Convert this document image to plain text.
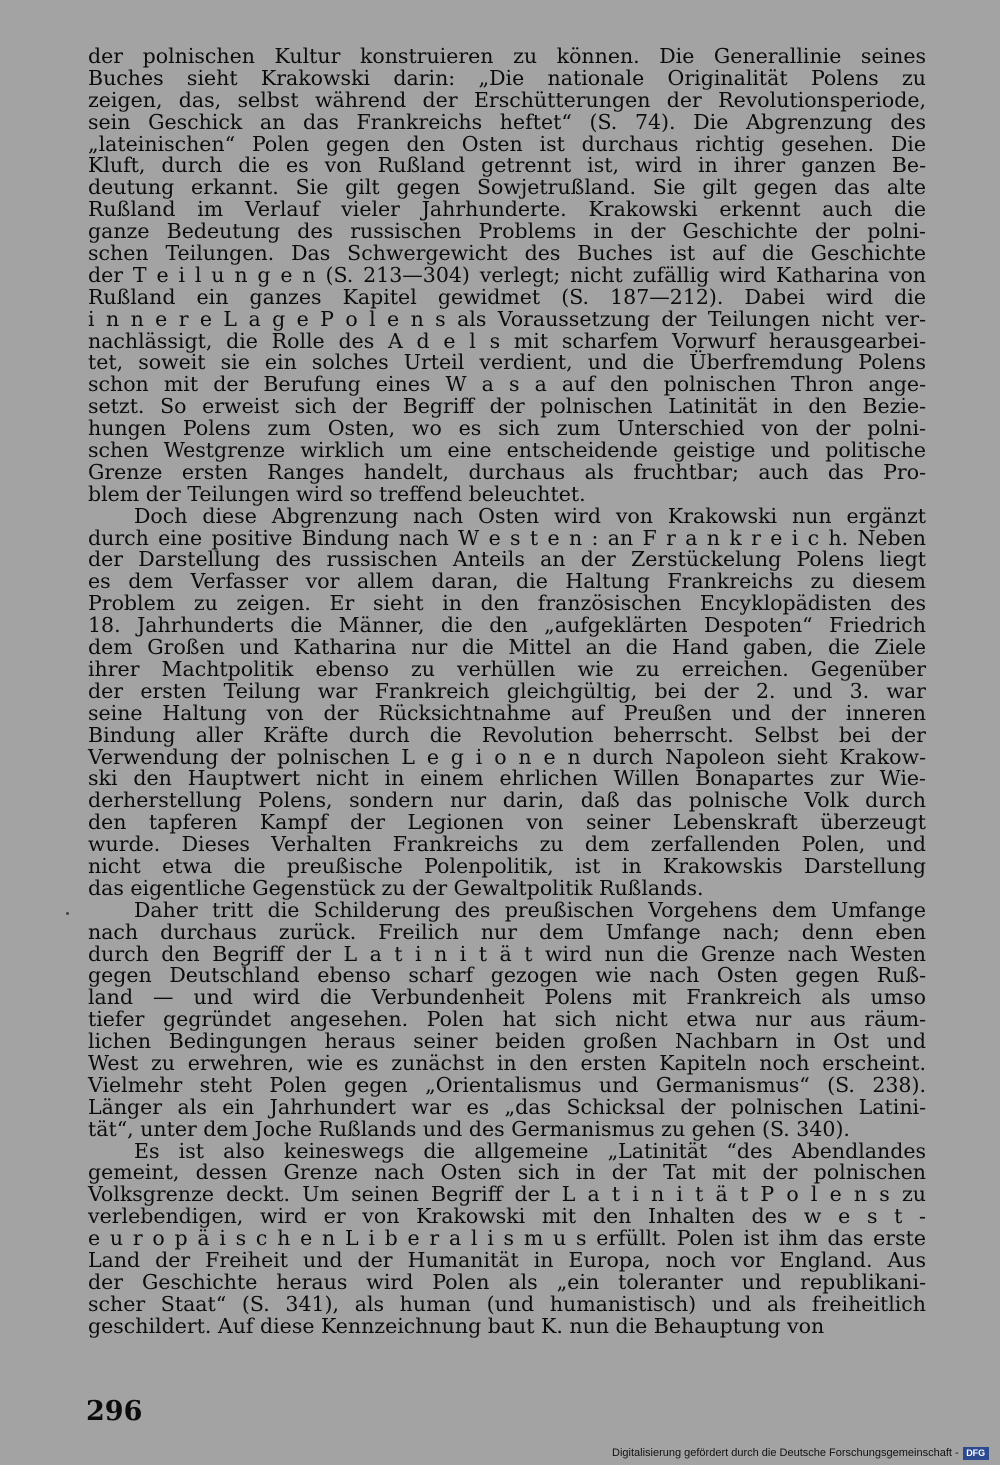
der polnischen Kultur konstruieren zu können. Die Generallinie seines
Buches sieht Krakowski darin: „Die nationale Originalität Polens zu
zeigen, das, selbst während der Erschütterungen der Revolutionsperiode,
sein Geschick an das Frankreichs heftet“ (S. 74). Die Abgrenzung des
„lateinischen“ Polen gegen den Osten ist durchaus richtig gesehen. Die
Kluft, durch die es von Rußland getrennt ist, wird in ihrer ganzen Be-
deutung erkannt. Sie gilt gegen Sowjetrußland. Sie gilt gegen das alte
Rußland im Verlauf vieler Jahrhunderte. Krakowski erkennt auch die
ganze Bedeutung des russischen Problems in der Geschichte der polni-
schen Teilungen. Das Schwergewicht des Buches ist auf die Geschichte
der T e i l u n g e n (S. 213—304) verlegt; nicht zufällig wird Katharina von
Rußland ein ganzes Kapitel gewidmet (S. 187—212). Dabei wird die
i n n e r e L a g e P o l e n s als Voraussetzung der Teilungen nicht ver-
nachlässigt, die Rolle des A d e l s mit scharfem Vorwurf herausgearbei-
tet, soweit sie ein solches Urteil verdient, und die Überfremdung Polens
schon mit der Berufung eines W a s a auf den polnischen Thron ange-
setzt. So erweist sich der Begriff der polnischen Latinität in den Bezie-
hungen Polens zum Osten, wo es sich zum Unterschied von der polni-
schen Westgrenze wirklich um eine entscheidende geistige und politische
Grenze ersten Ranges handelt, durchaus als fruchtbar; auch das Pro-
blem der Teilungen wird so treffend beleuchtet.
Doch diese Abgrenzung nach Osten wird von Krakowski nun ergänzt
durch eine positive Bindung nach W e s t e n : an F r a n k r e i c h. Neben
der Darstellung des russischen Anteils an der Zerstückelung Polens liegt
es dem Verfasser vor allem daran, die Haltung Frankreichs zu diesem
Problem zu zeigen. Er sieht in den französischen Encyklopädisten des
18. Jahrhunderts die Männer, die den „aufgeklärten Despoten“ Friedrich
dem Großen und Katharina nur die Mittel an die Hand gaben, die Ziele
ihrer Machtpolitik ebenso zu verhüllen wie zu erreichen. Gegenüber
der ersten Teilung war Frankreich gleichgültig, bei der 2. und 3. war
seine Haltung von der Rücksichtnahme auf Preußen und der inneren
Bindung aller Kräfte durch die Revolution beherrscht. Selbst bei der
Verwendung der polnischen L e g i o n e n durch Napoleon sieht Krakow-
ski den Hauptwert nicht in einem ehrlichen Willen Bonapartes zur Wie-
derherstellung Polens, sondern nur darin, daß das polnische Volk durch
den tapferen Kampf der Legionen von seiner Lebenskraft überzeugt
wurde. Dieses Verhalten Frankreichs zu dem zerfallenden Polen, und
nicht etwa die preußische Polenpolitik, ist in Krakowskis Darstellung
das eigentliche Gegenstück zu der Gewaltpolitik Rußlands.
Daher tritt die Schilderung des preußischen Vorgehens dem Umfange
nach durchaus zurück. Freilich nur dem Umfange nach; denn eben
durch den Begriff der L a t i n i t ä t wird nun die Grenze nach Westen
gegen Deutschland ebenso scharf gezogen wie nach Osten gegen Ruß-
land — und wird die Verbundenheit Polens mit Frankreich als umso
tiefer gegründet angesehen. Polen hat sich nicht etwa nur aus räum-
lichen Bedingungen heraus seiner beiden großen Nachbarn in Ost und
West zu erwehren, wie es zunächst in den ersten Kapiteln noch erscheint.
Vielmehr steht Polen gegen „Orientalismus und Germanismus“ (S. 238).
Länger als ein Jahrhundert war es „das Schicksal der polnischen Latini-
tät“, unter dem Joche Rußlands und des Germanismus zu gehen (S. 340).
Es ist also keineswegs die allgemeine „Latinität “des Abendlandes
gemeint, dessen Grenze nach Osten sich in der Tat mit der polnischen
Volksgrenze deckt. Um seinen Begriff der L a t i n i t ä t P o l e n s zu
verlebendigen, wird er von Krakowski mit den Inhalten des w e s t -
e u r o p ä i s c h e n L i b e r a l i s m u s erfüllt. Polen ist ihm das erste
Land der Freiheit und der Humanität in Europa, noch vor England. Aus
der Geschichte heraus wird Polen als „ein toleranter und republikani-
scher Staat“ (S. 341), als human (und humanistisch) und als freiheitlich
geschildert. Auf diese Kennzeichnung baut K. nun die Behauptung von
296
Digitalisierung gefördert durch die Deutsche Forschungsgemeinschaft - DFG
